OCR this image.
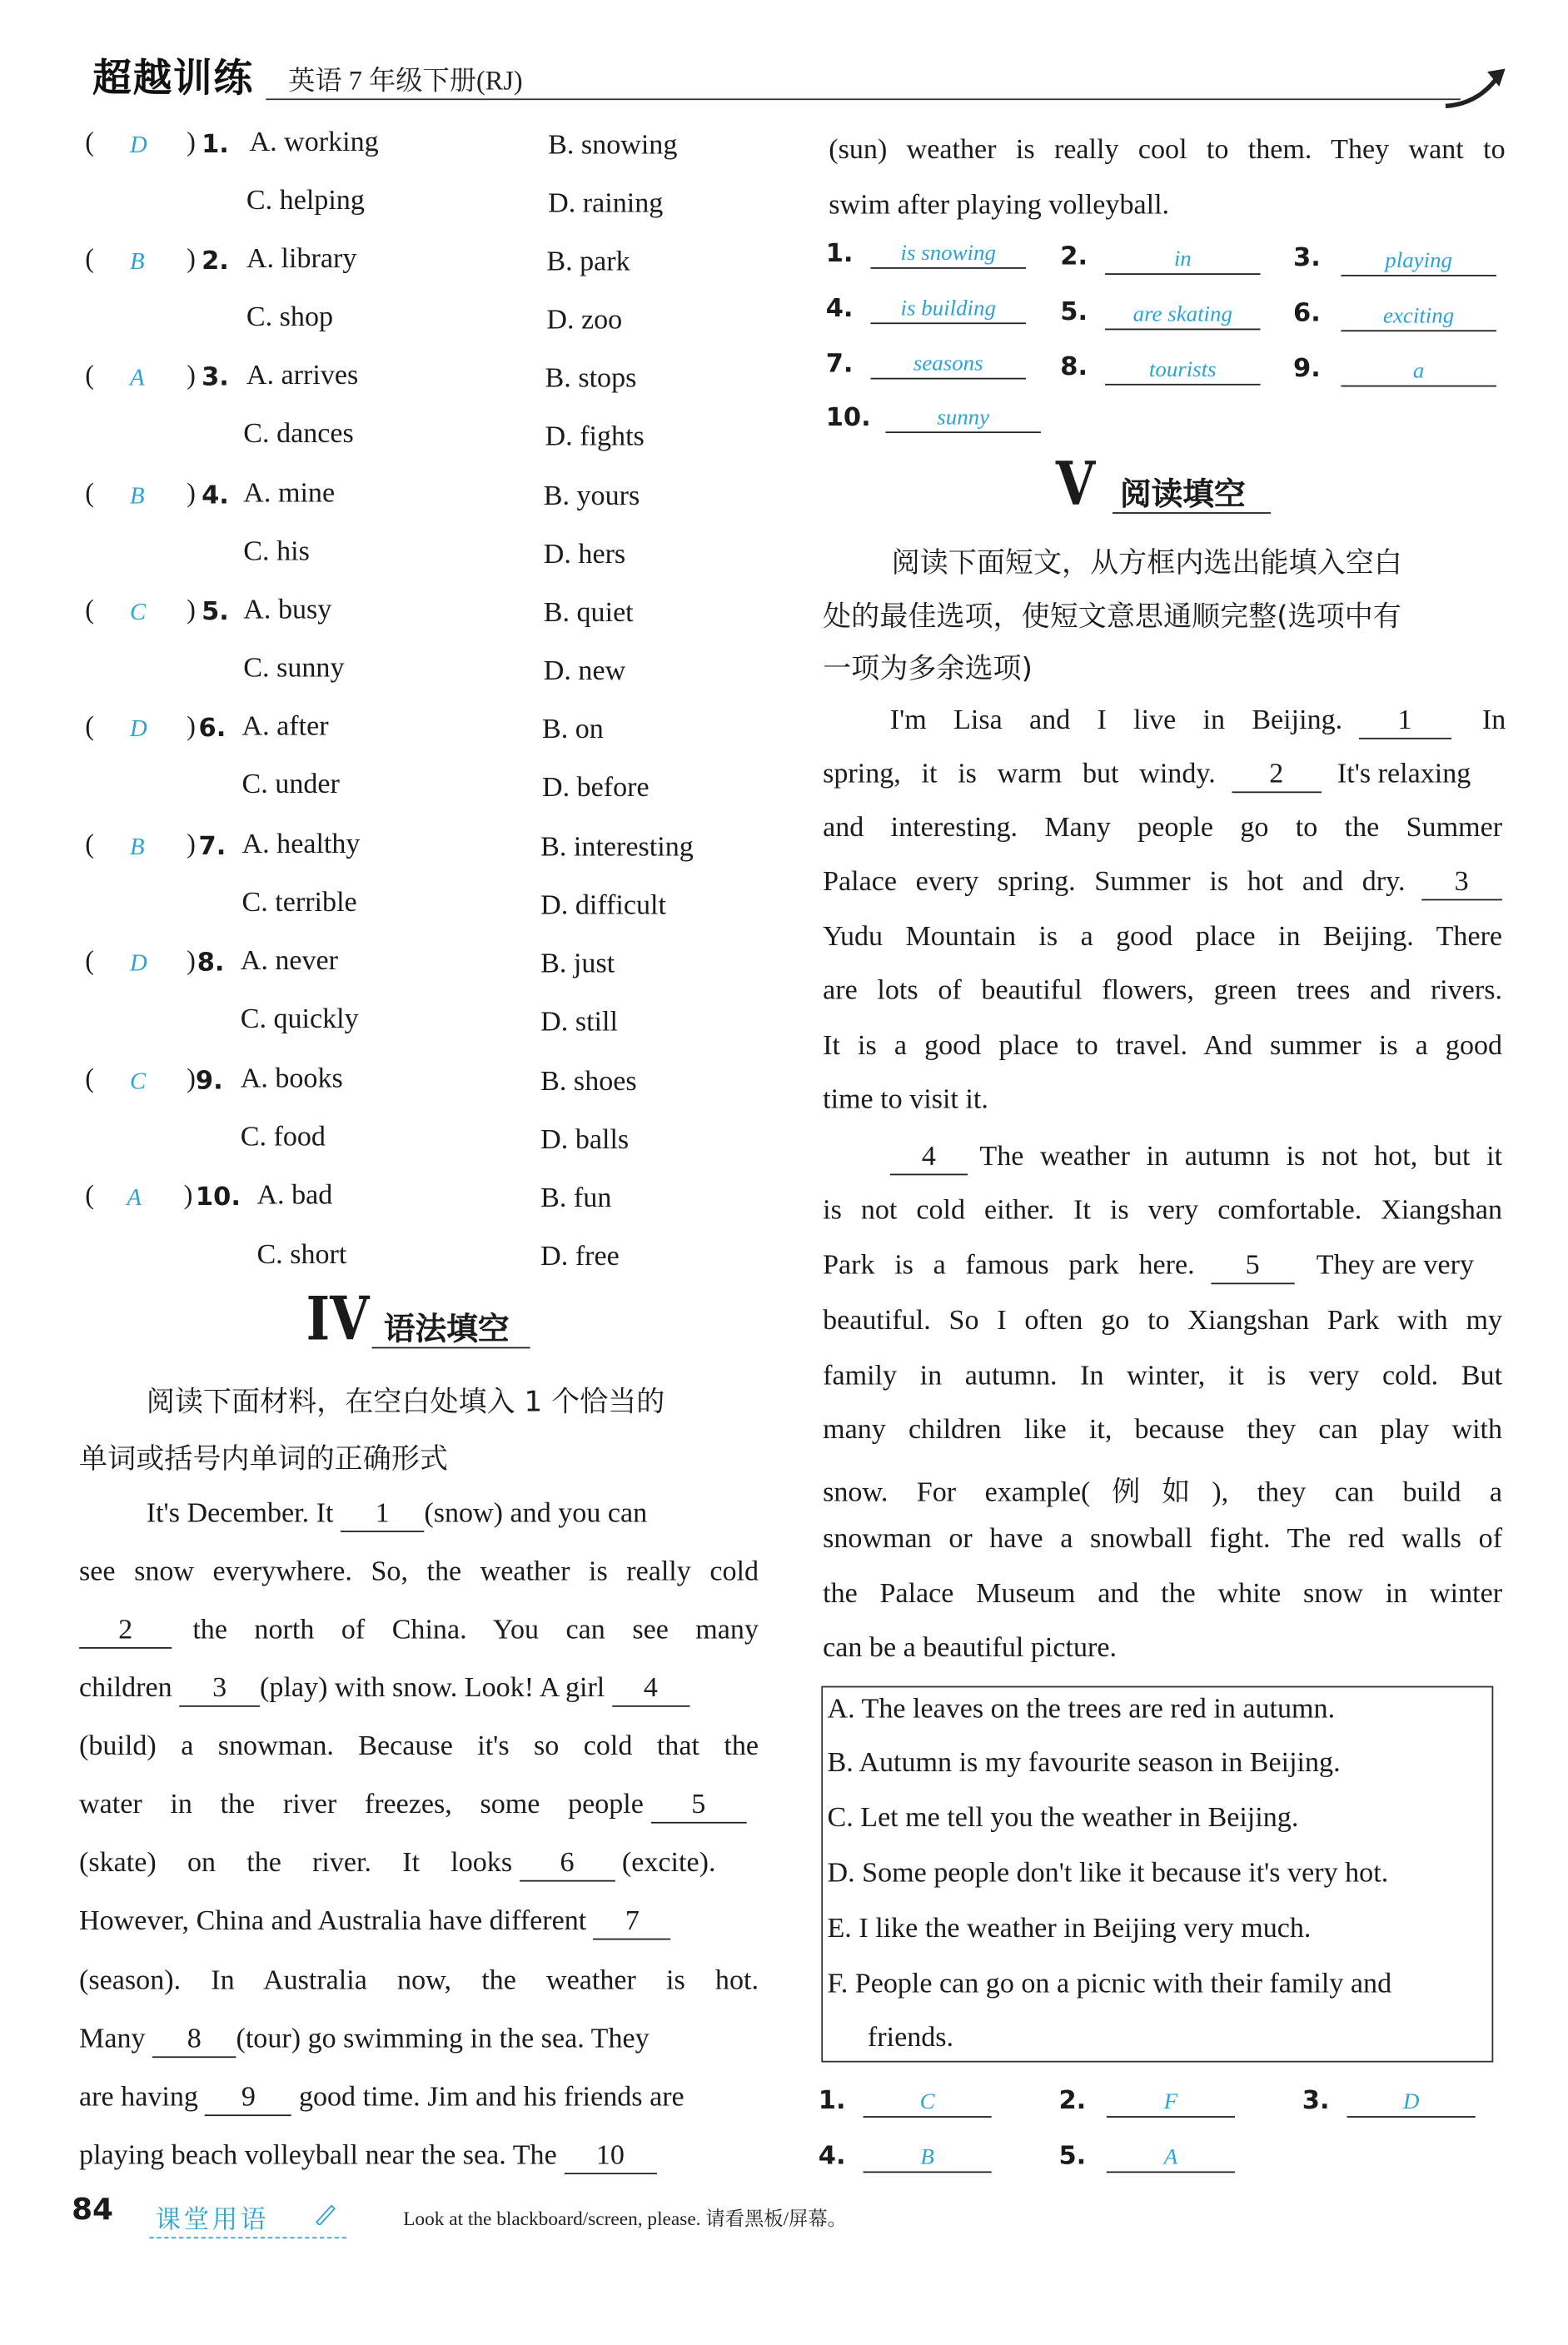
超越训练 英语 7 年级下册(RJ)
(	D	) 1. A. working	B. snowing
C. helping	D. raining
(	B	) 2. A. library	B. park
C. shop	D. zoo
(	A	) 3. A. arrives	B. stops
C. dances	D. fights
(	B	) 4. A. mine	B. yours
C. his	D. hers
(	C	) 5. A. busy	B. quiet
C. sunny	D. new
(	D	) 6. A. after	B. on
C. under	D. before
(	B	) 7. A. healthy	B. interesting
C. terrible	D. difficult
(	D	) 8. A. never	B. just
C. quickly	D. still
(	C	) 9. A. books	B. shoes
C. food	D. balls
( A	) 10. A. bad	B. fun
C. short	D. free
IV 语法填空
阅读下面材料，在空白处填入 1 个恰当的
单词或括号内单词的正确形式
It's December. It	1 (snow) and you can
see snow everywhere. So, the weather is really cold
2	the north of China. You can see many
children	3 (play) with snow. Look! A girl 4
(build) a snowman. Because it's so cold that the
water in the river freezes, some people	5
(skate) on the river. It looks	6	(excite).
However, China and Australia have different 7
(season). In Australia now, the weather is hot.
Many	8 (tour) go swimming in the sea. They
are having	9	good time. Jim and his friends are
playing beach volleyball near the sea. The 10
(sun) weather is really cool to them. They want to
swim after playing volleyball.
1.	is snowing	2.	in	3.	playing
4.	is building	5.	are skating	6.	exciting
7.	seasons	8.	tourists	9.	a
10.	sunny
V 阅读填空
阅读下面短文，从方框内选出能填入空白
处的最佳选项，使短文意思通顺完整(选项中有
一项为多余选项)
I'm Lisa and I live in Beijing.	1	In
spring, it is warm but windy.	2	It's relaxing
and interesting. Many people go to the Summer
Palace every spring. Summer is hot and dry.	3
Yudu Mountain is a good place in Beijing. There
are lots of beautiful flowers, green trees and rivers.
It is a good place to travel. And summer is a good
time to visit it.
4	The weather in autumn is not hot, but it
is not cold either. It is very comfortable. Xiangshan
Park is a famous park here.	5	They are very
beautiful. So I often go to Xiangshan Park with my
family in autumn. In winter, it is very cold. But
many children like it, because they can play with
snow. For example(例如), they can build a
snowman or have a snowball fight. The red walls of
the Palace Museum and the white snow in winter
can be a beautiful picture.
A. The leaves on the trees are red in autumn.
B. Autumn is my favourite season in Beijing.
C. Let me tell you the weather in Beijing.
D. Some people don't like it because it's very hot.
E. I like the weather in Beijing very much.
F. People can go on a picnic with their family and
friends.
1.	C	2.	F	3.	D
4.	B	5.	A
84	课堂用语	Look at the blackboard/screen, please. 请看黑板/屏幕。
